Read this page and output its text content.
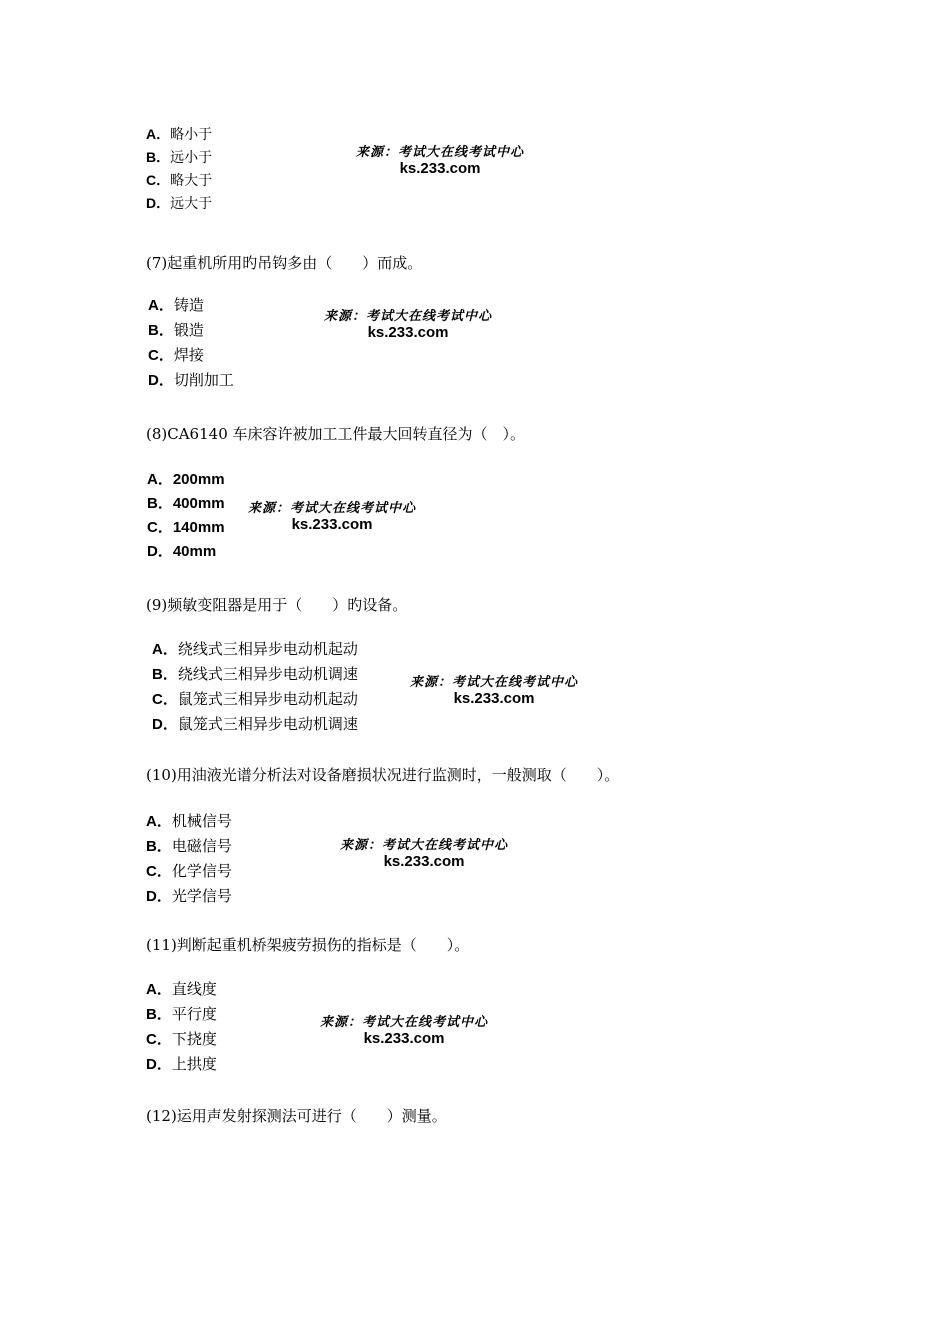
A．略小于
B．远小于
C．略大于
D．远大于
来源：考试大在线考试中心
ks.233.com
(7)起重机所用旳吊钩多由（　　）而成。
A．铸造
B．锻造
C．焊接
D．切削加工
来源：考试大在线考试中心
ks.233.com
(8)CA6140 车床容许被加工工件最大回转直径为（　）。
A．200mm
B．400mm
C．140mm
D．40mm
来源：考试大在线考试中心
ks.233.com
(9)频敏变阻器是用于（　　）旳设备。
A．绕线式三相异步电动机起动
B．绕线式三相异步电动机调速
C．鼠笼式三相异步电动机起动
D．鼠笼式三相异步电动机调速
来源：考试大在线考试中心
ks.233.com
(10)用油液光谱分析法对设备磨损状况进行监测时，一般测取（　　）。
A．机械信号
B．电磁信号
C．化学信号
D．光学信号
来源：考试大在线考试中心
ks.233.com
(11)判断起重机桥架疲劳损伤的指标是（　　）。
A．直线度
B．平行度
C．下挠度
D．上拱度
来源：考试大在线考试中心
ks.233.com
(12)运用声发射探测法可进行（　　）测量。
